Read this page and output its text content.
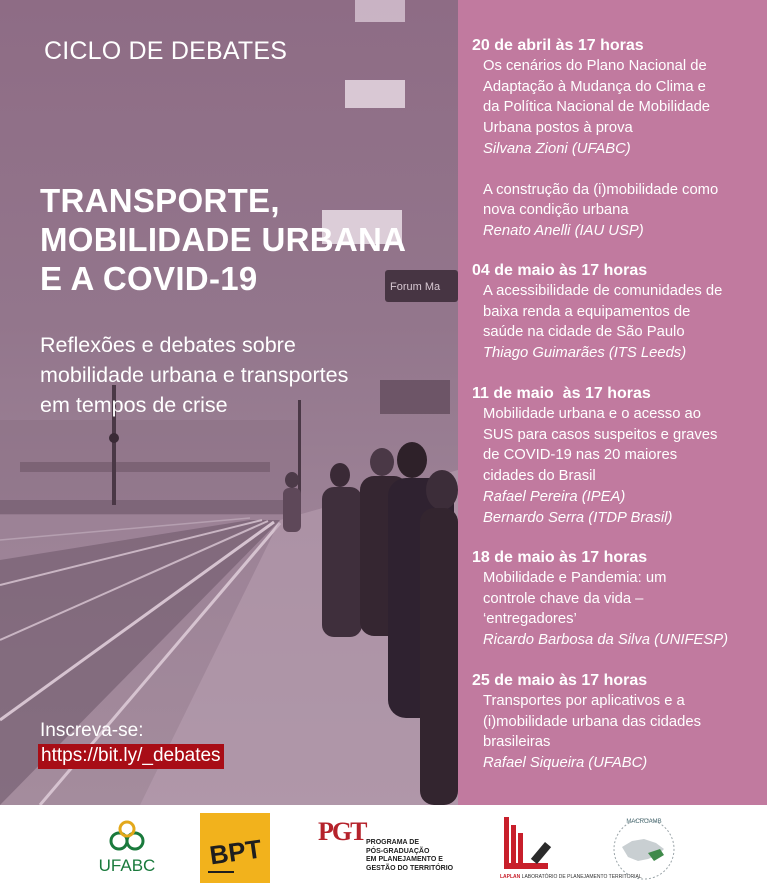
Forum Ma
CICLO DE DEBATES
TRANSPORTE,
MOBILIDADE URBANA
E A COVID-19
Reflexões e debates sobre
mobilidade urbana e transportes
em tempos de crise
Inscreva-se:
https://bit.ly/_debates
20 de abril às 17 horas
Os cenários do Plano Nacional de
Adaptação à Mudança do Clima e
da Política Nacional de Mobilidade
Urbana postos à prova
Silvana Zioni (UFABC)
A construção da (i)mobilidade como
nova condição urbana
Renato Anelli (IAU USP)
04 de maio às 17 horas
A acessibilidade de comunidades de
baixa renda a equipamentos de
saúde na cidade de São Paulo
Thiago Guimarães (ITS Leeds)
11 de maio  às 17 horas
Mobilidade urbana e o acesso ao
SUS para casos suspeitos e graves
de COVID-19 nas 20 maiores
cidades do Brasil
Rafael Pereira (IPEA)
Bernardo Serra (ITDP Brasil)
18 de maio às 17 horas
Mobilidade e Pandemia: um
controle chave da vida –
‘entregadores’
Ricardo Barbosa da Silva (UNIFESP)
25 de maio às 17 horas
Transportes por aplicativos e a
(i)mobilidade urbana das cidades
brasileiras
Rafael Siqueira (UFABC)
UFABC BPT
PGT PROGRAMA DE
PÓS-GRADUAÇÃO
EM PLANEJAMENTO E
GESTÃO DO TERRITÓRIO
LAPLAN LABORATÓRIO DE PLANEJAMENTO TERRITORIAL
MACROAMB
